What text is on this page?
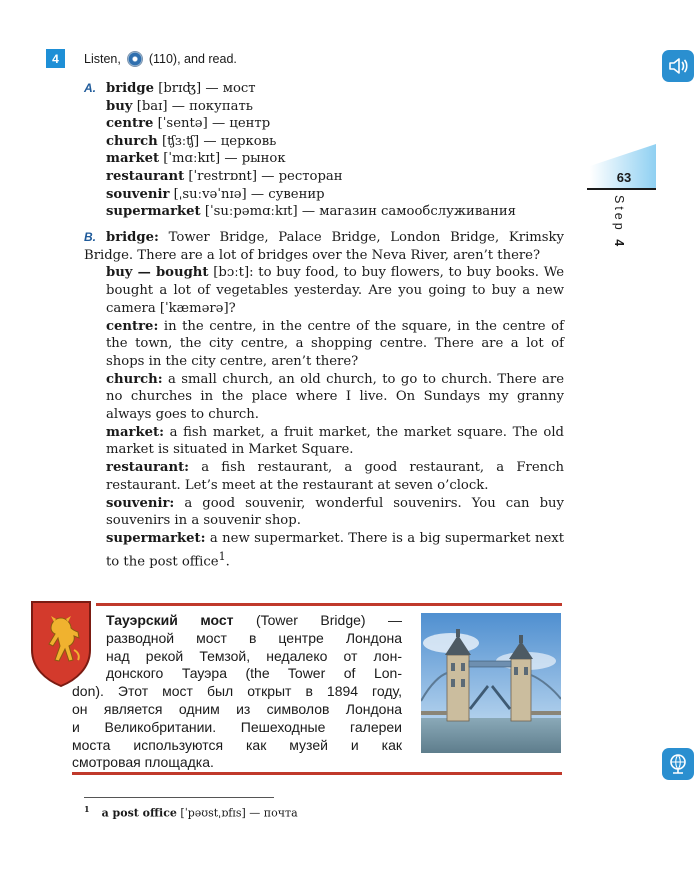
4	Listen, (110), and read.
63
Step 4
A. bridge [brɪʤ] — мост
buy [baɪ] — покупать
centre [ˈsentə] — центр
church [ʧɜːʧ] — церковь
market [ˈmɑːkɪt] — рынок
restaurant [ˈrestrɒnt] — ресторан
souvenir [ˌsuːvəˈnɪə] — сувенир
supermarket [ˈsuːpəmɑːkɪt] — магазин самообслуживания
B. bridge: Tower Bridge, Palace Bridge, London Bridge, Krimsky Bridge. There are a lot of bridges over the Neva River, aren’t there?
buy — bought [bɔːt]: to buy food, to buy flowers, to buy books. We bought a lot of vegetables yesterday. Are you going to buy a new camera [ˈkæmərə]?
centre: in the centre, in the centre of the square, in the centre of the town, the city centre, a shopping centre. There are a lot of shops in the city centre, aren’t there?
church: a small church, an old church, to go to church. There are no churches in the place where I live. On Sundays my granny always goes to church.
market: a fish market, a fruit market, the market square. The old market is situated in Market Square.
restaurant: a fish restaurant, a good restaurant, a French restaurant. Let’s meet at the restaurant at seven o’clock.
souvenir: a good souvenir, wonderful souvenirs. You can buy souvenirs in a souvenir shop.
supermarket: a new supermarket. There is a big supermarket next to the post office$^1$.
Тауэрский мост (Tower Bridge) —
разводной мост в центре Лондона
над рекой Темзой, недалеко от лон-
донского Тауэра (the Tower of Lon-
don). Этот мост был открыт в 1894 году,
он является одним из символов Лондона
и Великобритании. Пешеходные галереи
моста используются как музей и как
смотровая площадка.
$^1$ a post office [ˈpəʊstˌɒfɪs] — почта
